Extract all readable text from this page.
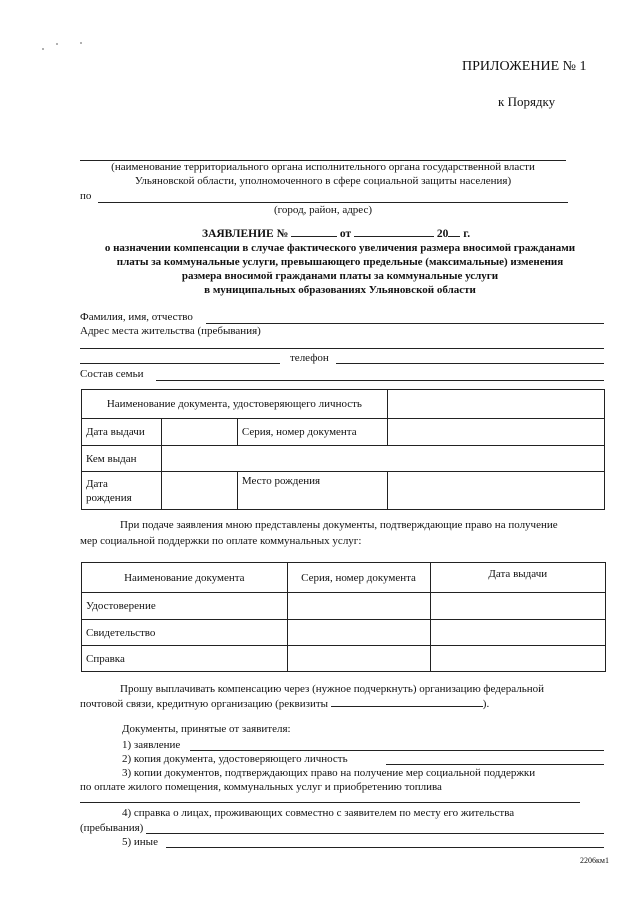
ПРИЛОЖЕНИЕ № 1
к Порядку
(наименование территориального органа исполнительного органа государственной власти
Ульяновской области, уполномоченного в сфере социальной защиты населения)
по
(город, район, адрес)
ЗАЯВЛЕНИЕ №	от	20 г.
о назначении компенсации в случае фактического увеличения размера вносимой гражданами
платы за коммунальные услуги, превышающего предельные (максимальные) изменения
размера вносимой гражданами платы за коммунальные услуги
в муниципальных образованиях Ульяновской области
Фамилия, имя, отчество
Адрес места жительства (пребывания)
телефон
Состав семьи
Наименование документа, удостоверяющего личность			
Дата выдачи		Серия, номер документа	
Кем выдан			
Дата
рождения		Место рождения	
При подаче заявления мною представлены документы, подтверждающие право на получение
мер социальной поддержки по оплате коммунальных услуг:
Наименование документа	Серия, номер документа	Дата выдачи
Удостоверение		
Свидетельство		
Справка		
Прошу выплачивать компенсацию через (нужное подчеркнуть) организацию федеральной
почтовой связи, кредитную организацию (реквизиты	).
Документы, принятые от заявителя:
1) заявление
2) копия документа, удостоверяющего личность
3) копии документов, подтверждающих право на получение мер социальной поддержки
по оплате жилого помещения, коммунальных услуг и приобретению топлива
4) справка о лицах, проживающих совместно с заявителем по месту его жительства
(пребывания)
5) иные
2206км1
